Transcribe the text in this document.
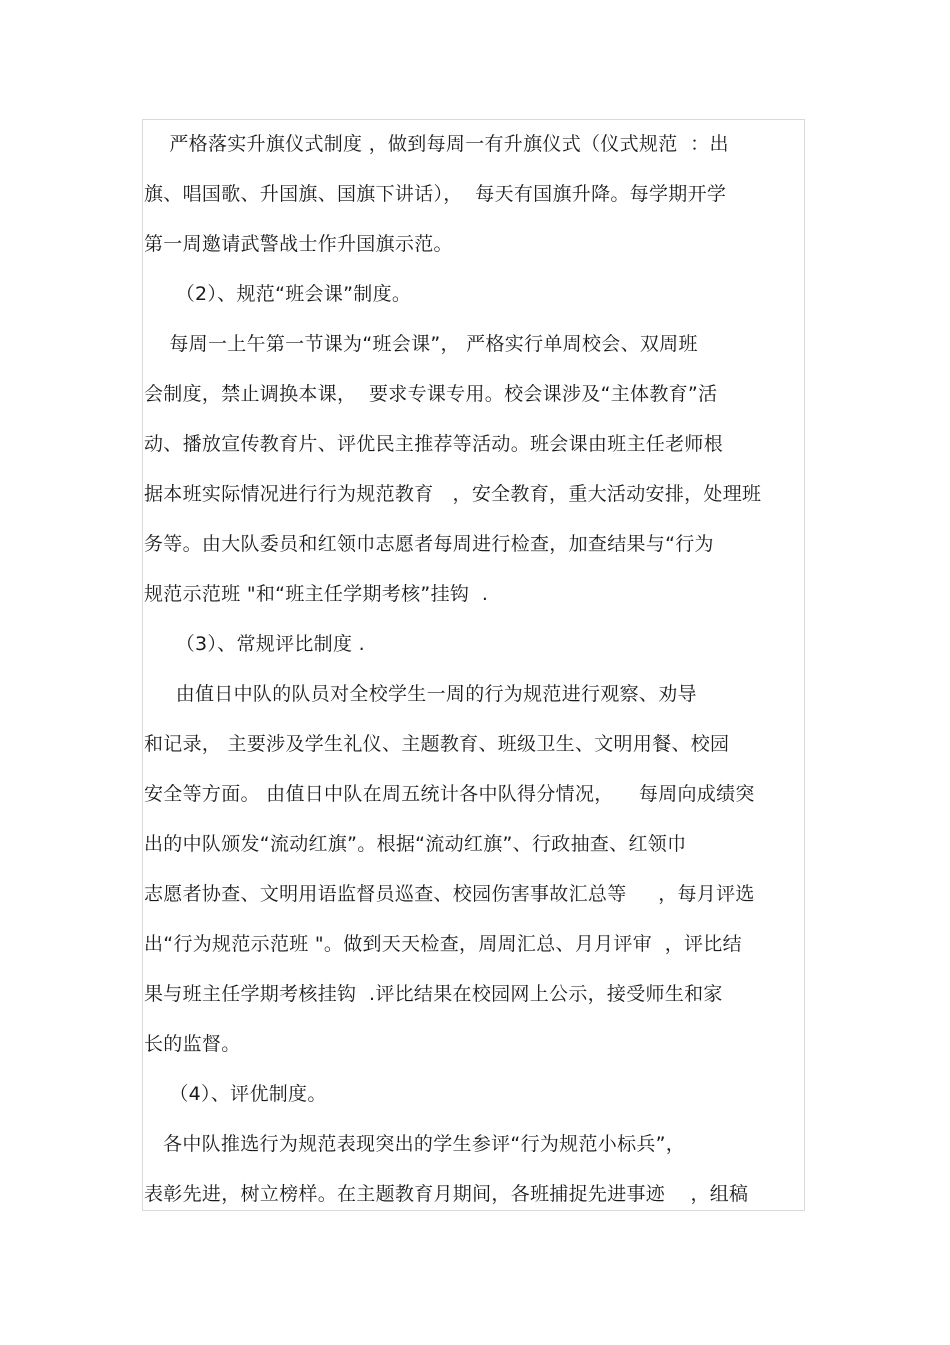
严格落实升旗仪式制度 ，做到每周一有升旗仪式（仪式规范  ：出
旗、唱国歌、升国旗、国旗下讲话），  每天有国旗升降。每学期开学
第一周邀请武警战士作升国旗示范。
（2）、规范“班会课”制度。
每周一上午第一节课为“班会课”， 严格实行单周校会、双周班
会制度，禁止调换本课，  要求专课专用。校会课涉及“主体教育”活
动、播放宣传教育片、评优民主推荐等活动。班会课由班主任老师根
据本班实际情况进行行为规范教育   ，安全教育，重大活动安排，处理班
务等。由大队委员和红领巾志愿者每周进行检查，加查结果与“行为
规范示范班 "和“班主任学期考核”挂钩  .
（3）、常规评比制度 .
由值日中队的队员对全校学生一周的行为规范进行观察、劝导
和记录， 主要涉及学生礼仪、主题教育、班级卫生、文明用餐、校园
安全等方面。 由值日中队在周五统计各中队得分情况，    每周向成绩突
出的中队颁发“流动红旗”。根据“流动红旗”、行政抽查、红领巾
志愿者协查、文明用语监督员巡查、校园伤害事故汇总等     ，每月评选
出“行为规范示范班 "。做到天天检查，周周汇总、月月评审  ，评比结
果与班主任学期考核挂钩  .评比结果在校园网上公示，接受师生和家
长的监督。
（4）、评优制度。
各中队推选行为规范表现突出的学生参评“行为规范小标兵”，
表彰先进，树立榜样。在主题教育月期间，各班捕捉先进事迹    ，组稿
